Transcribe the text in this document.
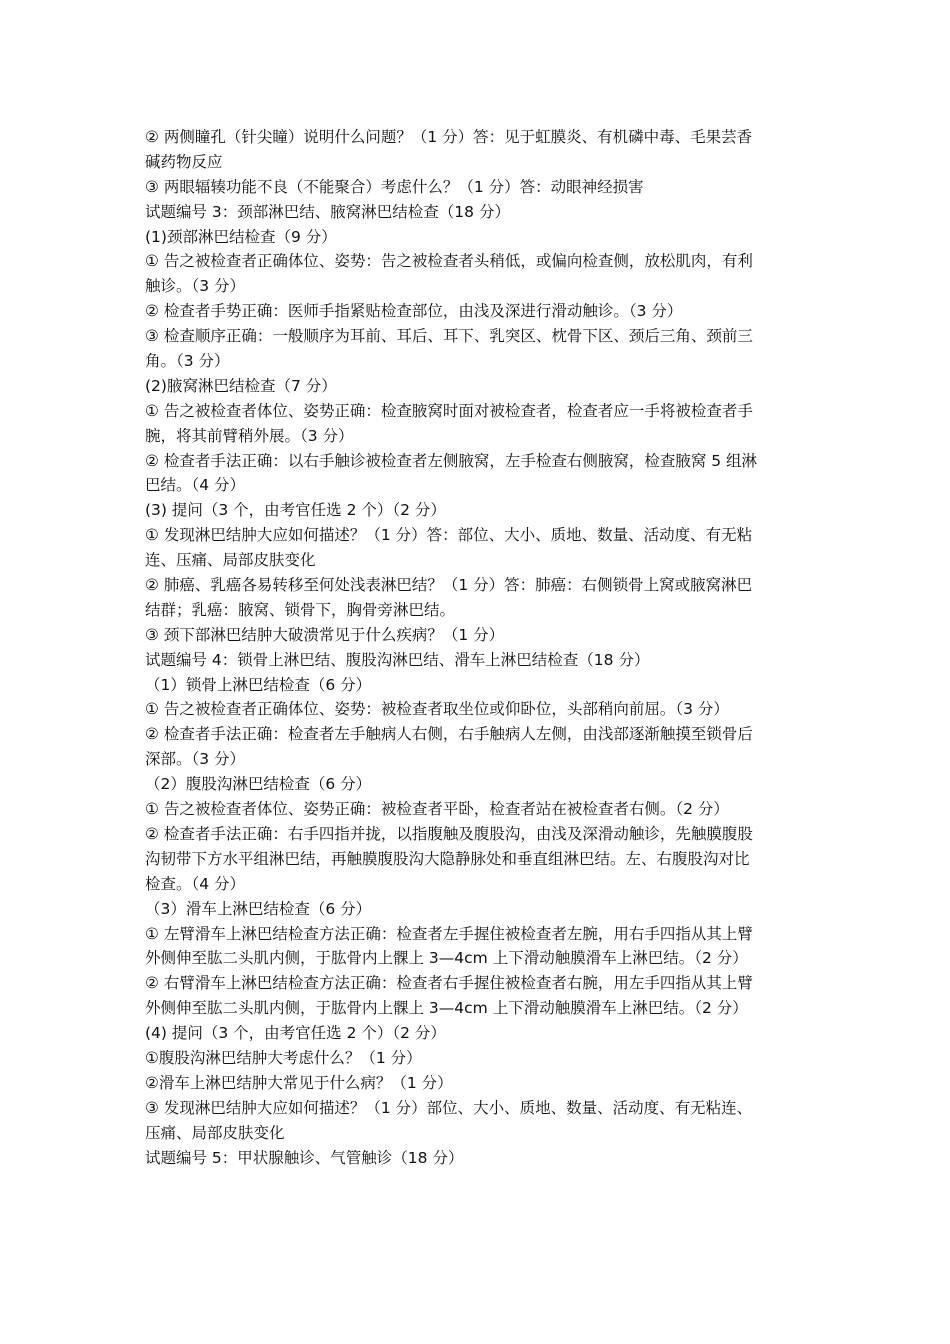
② 两侧瞳孔（针尖瞳）说明什么问题？（1 分）答：见于虹膜炎、有机磷中毒、毛果芸香
碱药物反应
③ 两眼辐辏功能不良（不能聚合）考虑什么？（1 分）答：动眼神经损害
试题编号 3：颈部淋巴结、腋窝淋巴结检查（18 分）
(1)颈部淋巴结检查（9 分）
① 告之被检查者正确体位、姿势：告之被检查者头稍低，或偏向检查侧，放松肌肉，有利
触诊。（3 分）
② 检查者手势正确：医师手指紧贴检查部位，由浅及深进行滑动触诊。（3 分）
③ 检查顺序正确：一般顺序为耳前、耳后、耳下、乳突区、枕骨下区、颈后三角、颈前三
角。（3 分）
(2)腋窝淋巴结检查（7 分）
① 告之被检查者体位、姿势正确：检查腋窝时面对被检查者，检查者应一手将被检查者手
腕，将其前臂稍外展。（3 分）
② 检查者手法正确：以右手触诊被检查者左侧腋窝，左手检查右侧腋窝，检查腋窝 5 组淋
巴结。（4 分）
(3) 提问（3 个，由考官任选 2 个）（2 分）
① 发现淋巴结肿大应如何描述？（1 分）答：部位、大小、质地、数量、活动度、有无粘
连、压痛、局部皮肤变化
② 肺癌、乳癌各易转移至何处浅表淋巴结？（1 分）答：肺癌：右侧锁骨上窝或腋窝淋巴
结群；乳癌：腋窝、锁骨下，胸骨旁淋巴结。
③ 颈下部淋巴结肿大破溃常见于什么疾病？（1 分）
试题编号 4：锁骨上淋巴结、腹股沟淋巴结、滑车上淋巴结检查（18 分）
（1）锁骨上淋巴结检查（6 分）
① 告之被检查者正确体位、姿势：被检查者取坐位或仰卧位，头部稍向前屈。（3 分）
② 检查者手法正确：检查者左手触病人右侧，右手触病人左侧，由浅部逐渐触摸至锁骨后
深部。（3 分）
（2）腹股沟淋巴结检查（6 分）
① 告之被检查者体位、姿势正确：被检查者平卧，检查者站在被检查者右侧。（2 分）
② 检查者手法正确：右手四指并拢，以指腹触及腹股沟，由浅及深滑动触诊，先触膜腹股
沟韧带下方水平组淋巴结，再触膜腹股沟大隐静脉处和垂直组淋巴结。左、右腹股沟对比
检查。（4 分）
（3）滑车上淋巴结检查（6 分）
① 左臂滑车上淋巴结检查方法正确：检查者左手握住被检查者左腕，用右手四指从其上臂
外侧伸至肱二头肌内侧，于肱骨内上髁上 3—4cm 上下滑动触膜滑车上淋巴结。（2 分）
② 右臂滑车上淋巴结检查方法正确：检查者右手握住被检查者右腕，用左手四指从其上臂
外侧伸至肱二头肌内侧，于肱骨内上髁上 3—4cm 上下滑动触膜滑车上淋巴结。（2 分）
(4) 提问（3 个，由考官任选 2 个）（2 分）
①腹股沟淋巴结肿大考虑什么？（1 分）
②滑车上淋巴结肿大常见于什么病？（1 分）
③ 发现淋巴结肿大应如何描述？（1 分）部位、大小、质地、数量、活动度、有无粘连、
压痛、局部皮肤变化
试题编号 5：甲状腺触诊、气管触诊（18 分）
